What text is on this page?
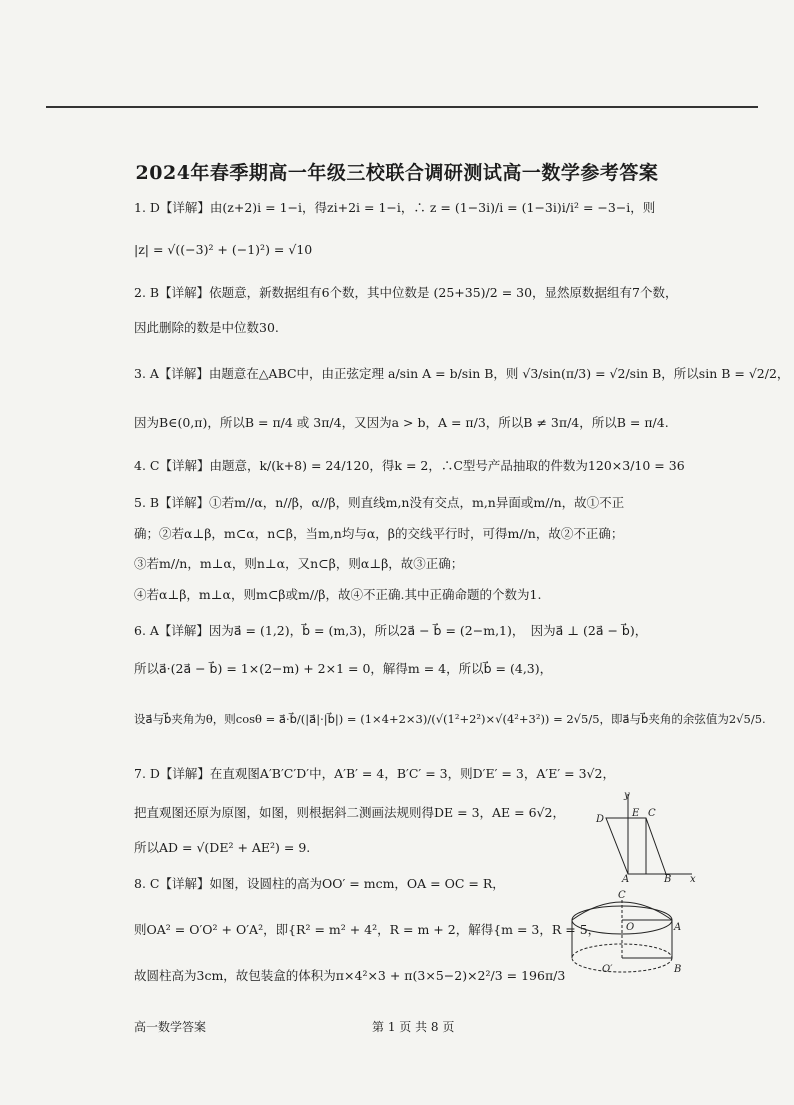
2024年春季期高一年级三校联合调研测试高一数学参考答案
1. D【详解】由(z+2)i = 1−i，得zi+2i = 1−i，∴ z = (1−3i)/i = (1−3i)i/i² = −3−i，则
|z| = √((−3)² + (−1)²) = √10
2. B【详解】依题意，新数据组有6个数，其中位数是 (25+35)/2 = 30，显然原数据组有7个数，
因此删除的数是中位数30.
3. A【详解】由题意在△ABC中，由正弦定理 a/sin A = b/sin B，则 √3/sin(π/3) = √2/sin B，所以sin B = √2/2，
因为B∈(0,π)，所以B = π/4 或 3π/4，又因为a > b，A = π/3，所以B ≠ 3π/4，所以B = π/4.
4. C【详解】由题意，k/(k+8) = 24/120，得k = 2，∴C型号产品抽取的件数为120×3/10 = 36
5. B【详解】①若m//α，n//β，α//β，则直线m,n没有交点，m,n异面或m//n，故①不正
确；②若α⊥β，m⊂α，n⊂β，当m,n均与α，β的交线平行时，可得m//n，故②不正确；
③若m//n，m⊥α，则n⊥α，又n⊂β，则α⊥β，故③正确；
④若α⊥β，m⊥α，则m⊂β或m//β，故④不正确.其中正确命题的个数为1.
6. A【详解】因为a⃗ = (1,2)，b⃗ = (m,3)，所以2a⃗ − b⃗ = (2−m,1)，　因为a⃗ ⊥ (2a⃗ − b⃗)，
所以a⃗·(2a⃗ − b⃗) = 1×(2−m) + 2×1 = 0，解得m = 4，所以b⃗ = (4,3)，
设a⃗与b⃗夹角为θ，则cosθ = a⃗·b⃗/(|a⃗|·|b⃗|) = (1×4+2×3)/(√(1²+2²)×√(4²+3²)) = 2√5/5，即a⃗与b⃗夹角的余弦值为2√5/5.
7. D【详解】在直观图A′B′C′D′中，A′B′ = 4，B′C′ = 3，则D′E′ = 3，A′E′ = 3√2，
把直观图还原为原图，如图，则根据斜二测画法规则得DE = 3，AE = 6√2，
所以AD = √(DE² + AE²) = 9.
8. C【详解】如图，设圆柱的高为OO′ = mcm，OA = OC = R，
则OA² = O′O² + O′A²，即{R² = m² + 4²，R = m + 2，解得{m = 3，R = 5，
故圆柱高为3cm，故包装盒的体积为π×4²×3 + π(3×5−2)×2²/3 = 196π/3
y
D
E C
A	B x
C
O	A
O′	B
高一数学答案	第 1 页 共 8 页
